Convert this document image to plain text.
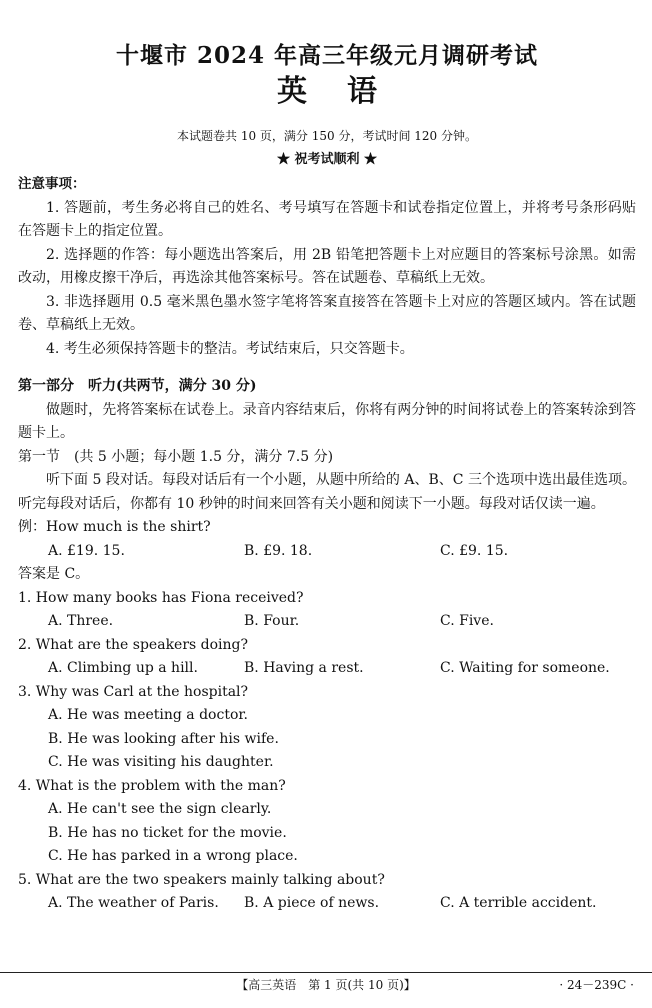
十堰市 2024 年高三年级元月调研考试
英语
本试题卷共 10 页，满分 150 分，考试时间 120 分钟。
★ 祝考试顺利 ★
注意事项：

1. 答题前，考生务必将自己的姓名、考号填写在答题卡和试卷指定位置上，并将考号条形码贴在答题卡上的指定位置。

2. 选择题的作答：每小题选出答案后，用 2B 铅笔把答题卡上对应题目的答案标号涂黑。如需改动，用橡皮擦干净后，再选涂其他答案标号。答在试题卷、草稿纸上无效。

3. 非选择题用 0.5 毫米黑色墨水签字笔将答案直接答在答题卡上对应的答题区域内。答在试题卷、草稿纸上无效。

4. 考生必须保持答题卡的整洁。考试结束后，只交答题卡。

第一部分　听力(共两节，满分 30 分)

做题时，先将答案标在试卷上。录音内容结束后，你将有两分钟的时间将试卷上的答案转涂到答题卡上。

第一节　(共 5 小题；每小题 1.5 分，满分 7.5 分)

听下面 5 段对话。每段对话后有一个小题，从题中所给的 A、B、C 三个选项中选出最佳选项。听完每段对话后，你都有 10 秒钟的时间来回答有关小题和阅读下一小题。每段对话仅读一遍。

例：How much is the shirt?

A. £19. 15.	B. £9. 18.	C. £9. 15.

答案是 C。

1. How many books has Fiona received?

A. Three.	B. Four.	C. Five.

2. What are the speakers doing?

A. Climbing up a hill.	B. Having a rest.	C. Waiting for someone.

3. Why was Carl at the hospital?

A. He was meeting a doctor.
B. He was looking after his wife.
C. He was visiting his daughter.

4. What is the problem with the man?

A. He can't see the sign clearly.
B. He has no ticket for the movie.
C. He has parked in a wrong place.

5. What are the two speakers mainly talking about?

A. The weather of Paris.	B. A piece of news.	C. A terrible accident.
【高三英语　第 1 页(共 10 页)】	· 24－239C ·
